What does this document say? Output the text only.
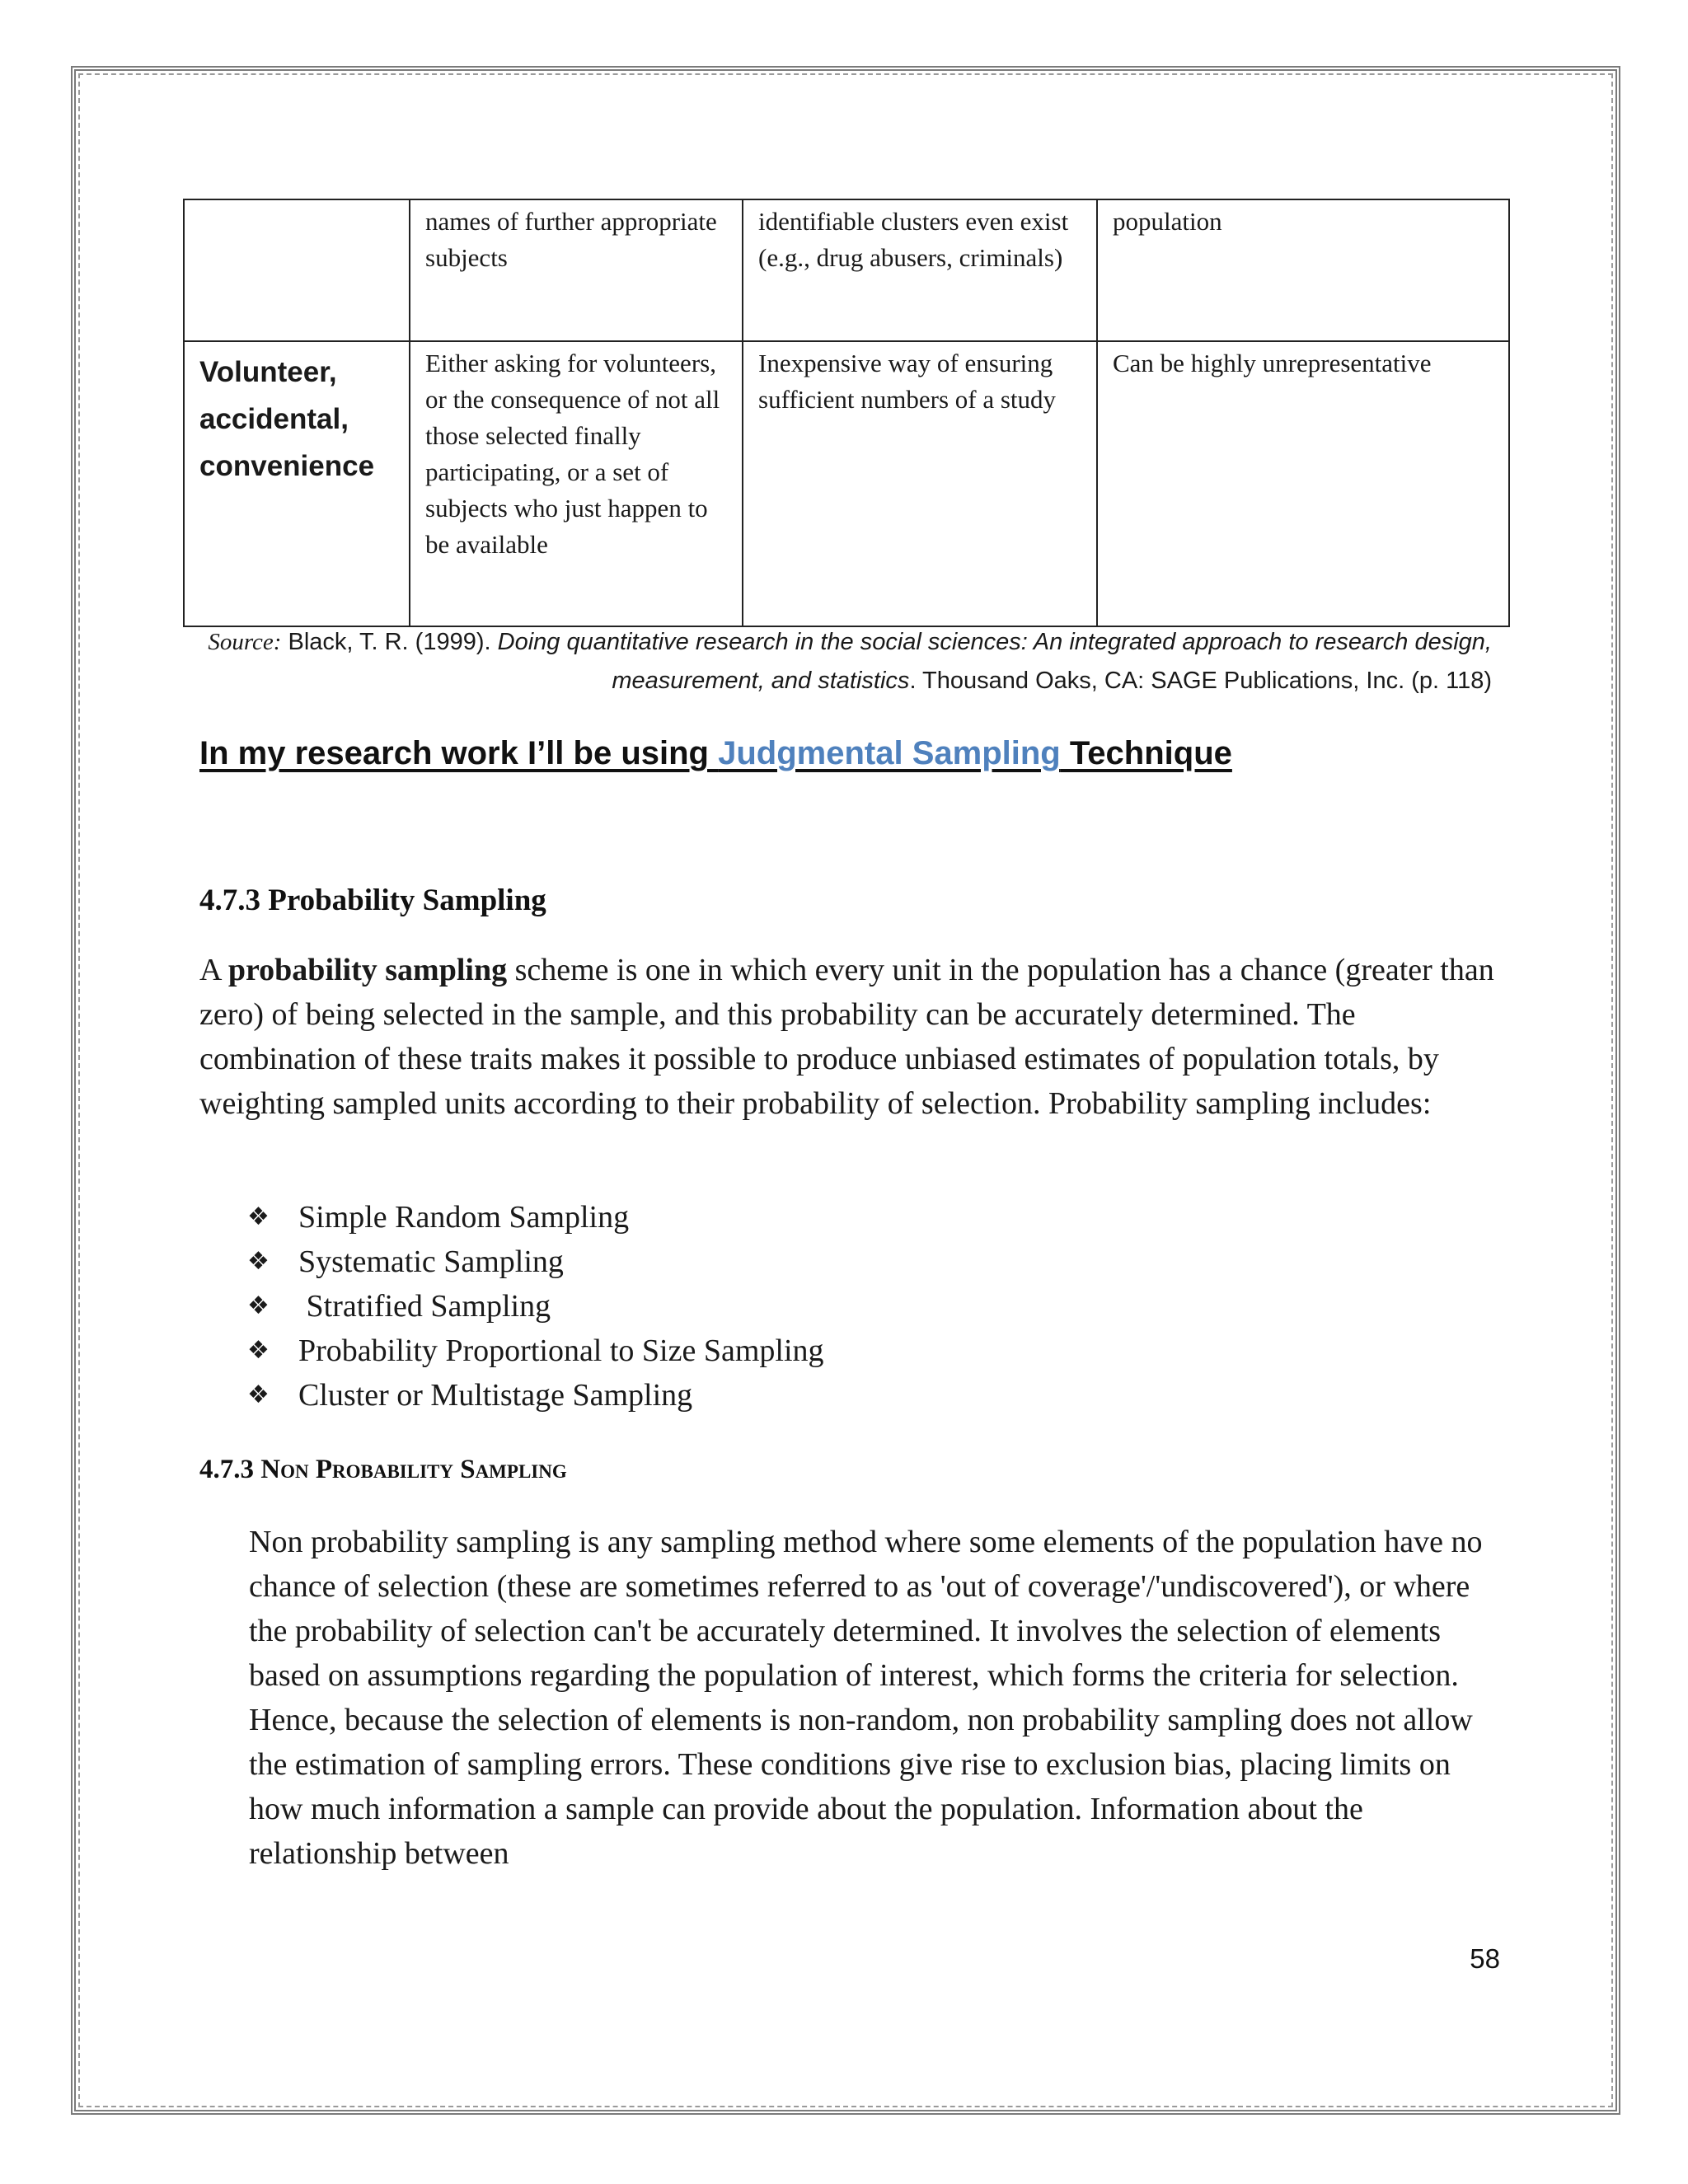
	names of further appropriate subjects	identifiable clusters even exist (e.g., drug abusers, criminals)	population
Volunteer, accidental, convenience	Either asking for volunteers, or the consequence of not all those selected finally participating, or a set of subjects who just happen to be available	Inexpensive way of ensuring sufficient numbers of a study	Can be highly unrepresentative
Source: Black, T. R. (1999). Doing quantitative research in the social sciences: An integrated approach to research design, measurement, and statistics. Thousand Oaks, CA: SAGE Publications, Inc. (p. 118)
In my research work I’ll be using Judgmental Sampling Technique
4.7.3 Probability Sampling

A probability sampling scheme is one in which every unit in the population has a chance (greater than zero) of being selected in the sample, and this probability can be accurately determined. The combination of these traits makes it possible to produce unbiased estimates of population totals, by weighting sampled units according to their probability of selection. Probability sampling includes:

❖ Simple Random Sampling
❖ Systematic Sampling
❖ Stratified Sampling
❖ Probability Proportional to Size Sampling
❖ Cluster or Multistage Sampling
4.7.3 Non Probability Sampling
Non probability sampling is any sampling method where some elements of the population have no chance of selection (these are sometimes referred to as 'out of coverage'/'undiscovered'), or where the probability of selection can't be accurately determined. It involves the selection of elements based on assumptions regarding the population of interest, which forms the criteria for selection. Hence, because the selection of elements is non-random, non probability sampling does not allow the estimation of sampling errors. These conditions give rise to exclusion bias, placing limits on how much information a sample can provide about the population. Information about the relationship between
58
